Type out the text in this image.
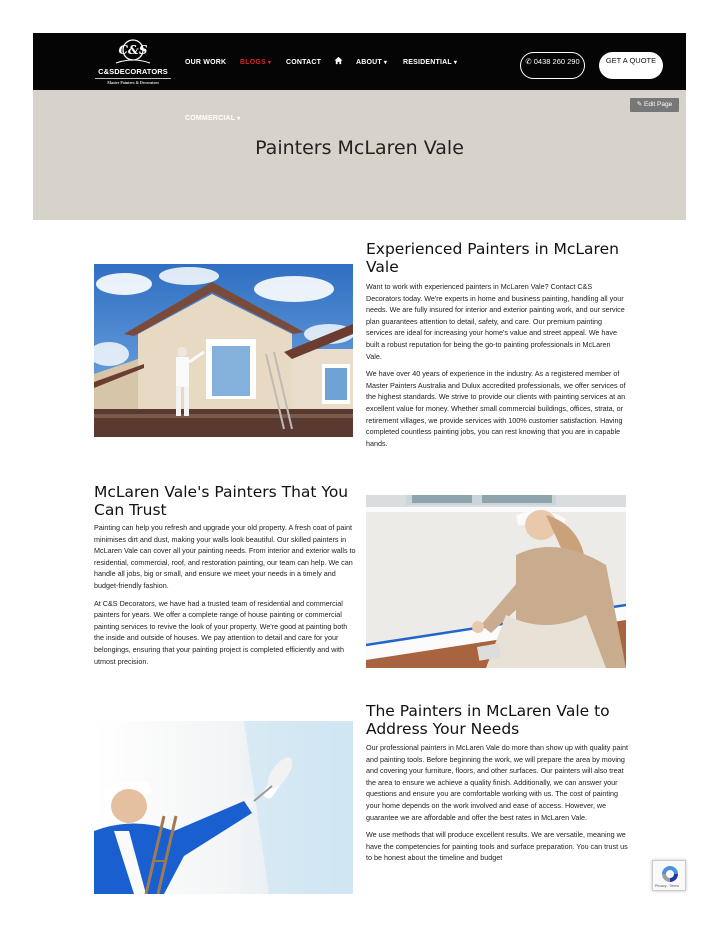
C&S
C&SDECORATORS
Master Painters & Decorators
OUR WORK BLOGS ▾ CONTACT	ABOUT ▾ RESIDENTIAL ▾	✆ 0438 260 290	GET A QUOTE
✎ Edit Page
COMMERCIAL ▾
Painters McLaren Vale
Experienced Painters in McLaren Vale

Want to work with experienced painters in McLaren Vale? Contact C&S Decorators today. We're experts in home and business painting, handling all your needs. We are fully insured for interior and exterior painting work, and our service plan guarantees attention to detail, safety, and care. Our premium painting services are ideal for increasing your home's value and street appeal. We have built a robust reputation for being the go-to painting professionals in McLaren Vale.

We have over 40 years of experience in the industry. As a registered member of Master Painters Australia and Dulux accredited professionals, we offer services of the highest standards. We strive to provide our clients with painting services at an excellent value for money. Whether small commercial buildings, offices, strata, or retirement villages, we provide services with 100% customer satisfaction. Having completed countless painting jobs, you can rest knowing that you are in capable hands.

McLaren Vale's Painters That You Can Trust

Painting can help you refresh and upgrade your old property. A fresh coat of paint minimises dirt and dust, making your walls look beautiful. Our skilled painters in McLaren Vale can cover all your painting needs. From interior and exterior walls to residential, commercial, roof, and restoration painting, our team can help. We can handle all jobs, big or small, and ensure we meet your needs in a timely and budget-friendly fashion.

At C&S Decorators, we have had a trusted team of residential and commercial painters for years. We offer a complete range of house painting or commercial painting services to revive the look of your property. We're good at painting both the inside and outside of houses. We pay attention to detail and care for your belongings, ensuring that your painting project is completed efficiently and with utmost precision.

The Painters in McLaren Vale to Address Your Needs

Our professional painters in McLaren Vale do more than show up with quality paint and painting tools. Before beginning the work, we will prepare the area by moving and covering your furniture, floors, and other surfaces. Our painters will also treat the area to ensure we achieve a quality finish. Additionally, we can answer your questions and ensure you are comfortable working with us. The cost of painting your home depends on the work involved and ease of access. However, we guarantee we are affordable and offer the best rates in McLaren Vale.

We use methods that will produce excellent results. We are versatile, meaning we have the competencies for painting tools and surface preparation. You can trust us to be honest about the timeline and budget

Privacy - Terms
